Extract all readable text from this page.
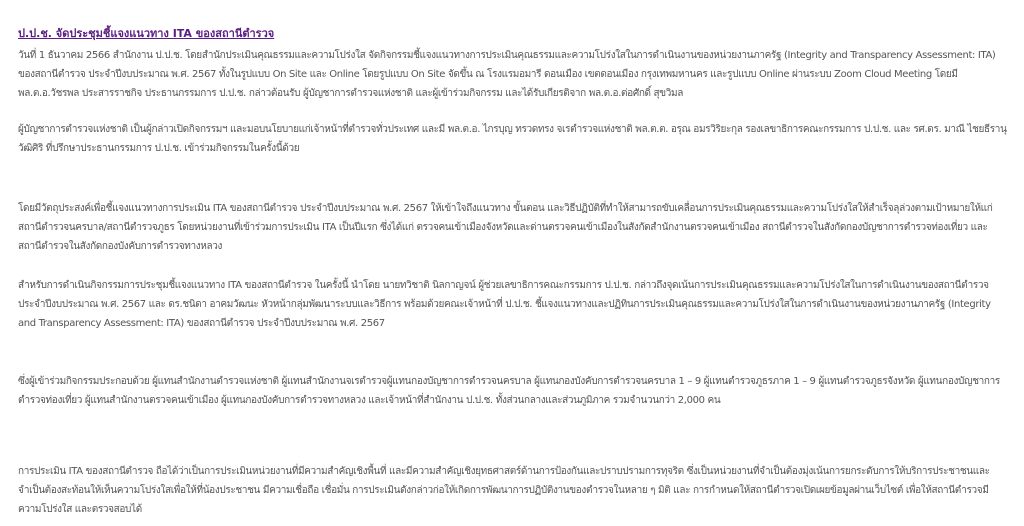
ป.ป.ช. จัดประชุมชี้แจงแนวทาง ITA ของสถานีตำรวจ

วันที่ 1 ธันวาคม 2566 สำนักงาน ป.ป.ช. โดยสำนักประเมินคุณธรรมและความโปร่งใส จัดกิจกรรมชี้แจงแนวทางการประเมินคุณธรรมและความโปร่งใสในการดำเนินงานของหน่วยงานภาครัฐ (Integrity and Transparency Assessment: ITA) ของสถานีตำรวจ ประจำปีงบประมาณ พ.ศ. 2567 ทั้งในรูปแบบ On Site และ Online โดยรูปแบบ On Site จัดขึ้น ณ โรงแรมอมารี ดอนเมือง เขตดอนเมือง กรุงเทพมหานคร และรูปแบบ Online ผ่านระบบ Zoom Cloud Meeting โดยมี พล.ต.อ.วัชรพล ประสารราชกิจ ประธานกรรมการ ป.ป.ช. กล่าวต้อนรับ ผู้บัญชาการตำรวจแห่งชาติ และผู้เข้าร่วมกิจกรรม และได้รับเกียรติจาก พล.ต.อ.ต่อศักดิ์ สุขวิมล

ผู้บัญชาการตำรวจแห่งชาติ เป็นผู้กล่าวเปิดกิจกรรมฯ และมอบนโยบายแก่เจ้าหน้าที่ตำรวจทั่วประเทศ และมี พล.ต.อ. ไกรบุญ ทรวดทรง จเรตำรวจแห่งชาติ พล.ต.ต. อรุณ อมรวิริยะกุล รองเลขาธิการคณะกรรมการ ป.ป.ช. และ รศ.ดร. มาณี ไชยธีรานุวัฒิศิริ ที่ปรึกษาประธานกรรมการ ป.ป.ช. เข้าร่วมกิจกรรมในครั้งนี้ด้วย

โดยมีวัตถุประสงค์เพื่อชี้แจงแนวทางการประเมิน ITA ของสถานีตำรวจ ประจำปีงบประมาณ พ.ศ. 2567 ให้เข้าใจถึงแนวทาง ขั้นตอน และวิธีปฏิบัติที่ทำให้สามารถขับเคลื่อนการประเมินคุณธรรมและความโปร่งใสให้สำเร็จลุล่วงตามเป้าหมายให้แก่สถานีตำรวจนครบาล/สถานีตำรวจภูธร โดยหน่วยงานที่เข้าร่วมการประเมิน ITA เป็นปีแรก ซึ่งได้แก่ ตรวจคนเข้าเมืองจังหวัดและด่านตรวจคนเข้าเมืองในสังกัดสำนักงานตรวจคนเข้าเมือง สถานีตำรวจในสังกัดกองบัญชาการตำรวจท่องเที่ยว และสถานีตำรวจในสังกัดกองบังคับการตำรวจทางหลวง

สำหรับการดำเนินกิจกรรมการประชุมชี้แจงแนวทาง ITA ของสถานีตำรวจ ในครั้งนี้ นำโดย นายทวิชาติ นิลกาญจน์ ผู้ช่วยเลขาธิการคณะกรรมการ ป.ป.ช. กล่าวถึงจุดเน้นการประเมินคุณธรรมและความโปร่งใสในการดำเนินงานของสถานีตำรวจ ประจำปีงบประมาณ พ.ศ. 2567 และ ดร.ชนิดา อาคมวัฒนะ หัวหน้ากลุ่มพัฒนาระบบและวิธีการ พร้อมด้วยคณะเจ้าหน้าที่ ป.ป.ช. ชี้แจงแนวทางและปฏิทินการประเมินคุณธรรมและความโปร่งใสในการดำเนินงานของหน่วยงานภาครัฐ (Integrity and Transparency Assessment: ITA) ของสถานีตำรวจ ประจำปีงบประมาณ พ.ศ. 2567

ซึ่งผู้เข้าร่วมกิจกรรมประกอบด้วย ผู้แทนสำนักงานตำรวจแห่งชาติ ผู้แทนสำนักงานจเรตำรวจผู้แทนกองบัญชาการตำรวจนครบาล ผู้แทนกองบังคับการตำรวจนครบาล 1 – 9 ผู้แทนตำรวจภูธรภาค 1 – 9 ผู้แทนตำรวจภูธรจังหวัด ผู้แทนกองบัญชาการตำรวจท่องเที่ยว ผู้แทนสำนักงานตรวจคนเข้าเมือง ผู้แทนกองบังคับการตำรวจทางหลวง และเจ้าหน้าที่สำนักงาน ป.ป.ช. ทั้งส่วนกลางและส่วนภูมิภาค รวมจำนวนกว่า 2,000 คน

การประเมิน ITA ของสถานีตำรวจ ถือได้ว่าเป็นการประเมินหน่วยงานที่มีความสำคัญเชิงพื้นที่ และมีความสำคัญเชิงยุทธศาสตร์ด้านการป้องกันและปราบปรามการทุจริต ซึ่งเป็นหน่วยงานที่จำเป็นต้องมุ่งเน้นการยกระดับการให้บริการประชาชนและจำเป็นต้องสะท้อนให้เห็นความโปร่งใสเพื่อให้ที่น้องประชาชน มีความเชื่อถือ เชื่อมั่น การประเมินดังกล่าวก่อให้เกิดการพัฒนาการปฏิบัติงานของตำรวจในหลาย ๆ มิติ และ การกำหนดให้สถานีตำรวจเปิดเผยข้อมูลผ่านเว็บไซต์ เพื่อให้สถานีตำรวจมีความโปร่งใส และตรวจสอบได้
